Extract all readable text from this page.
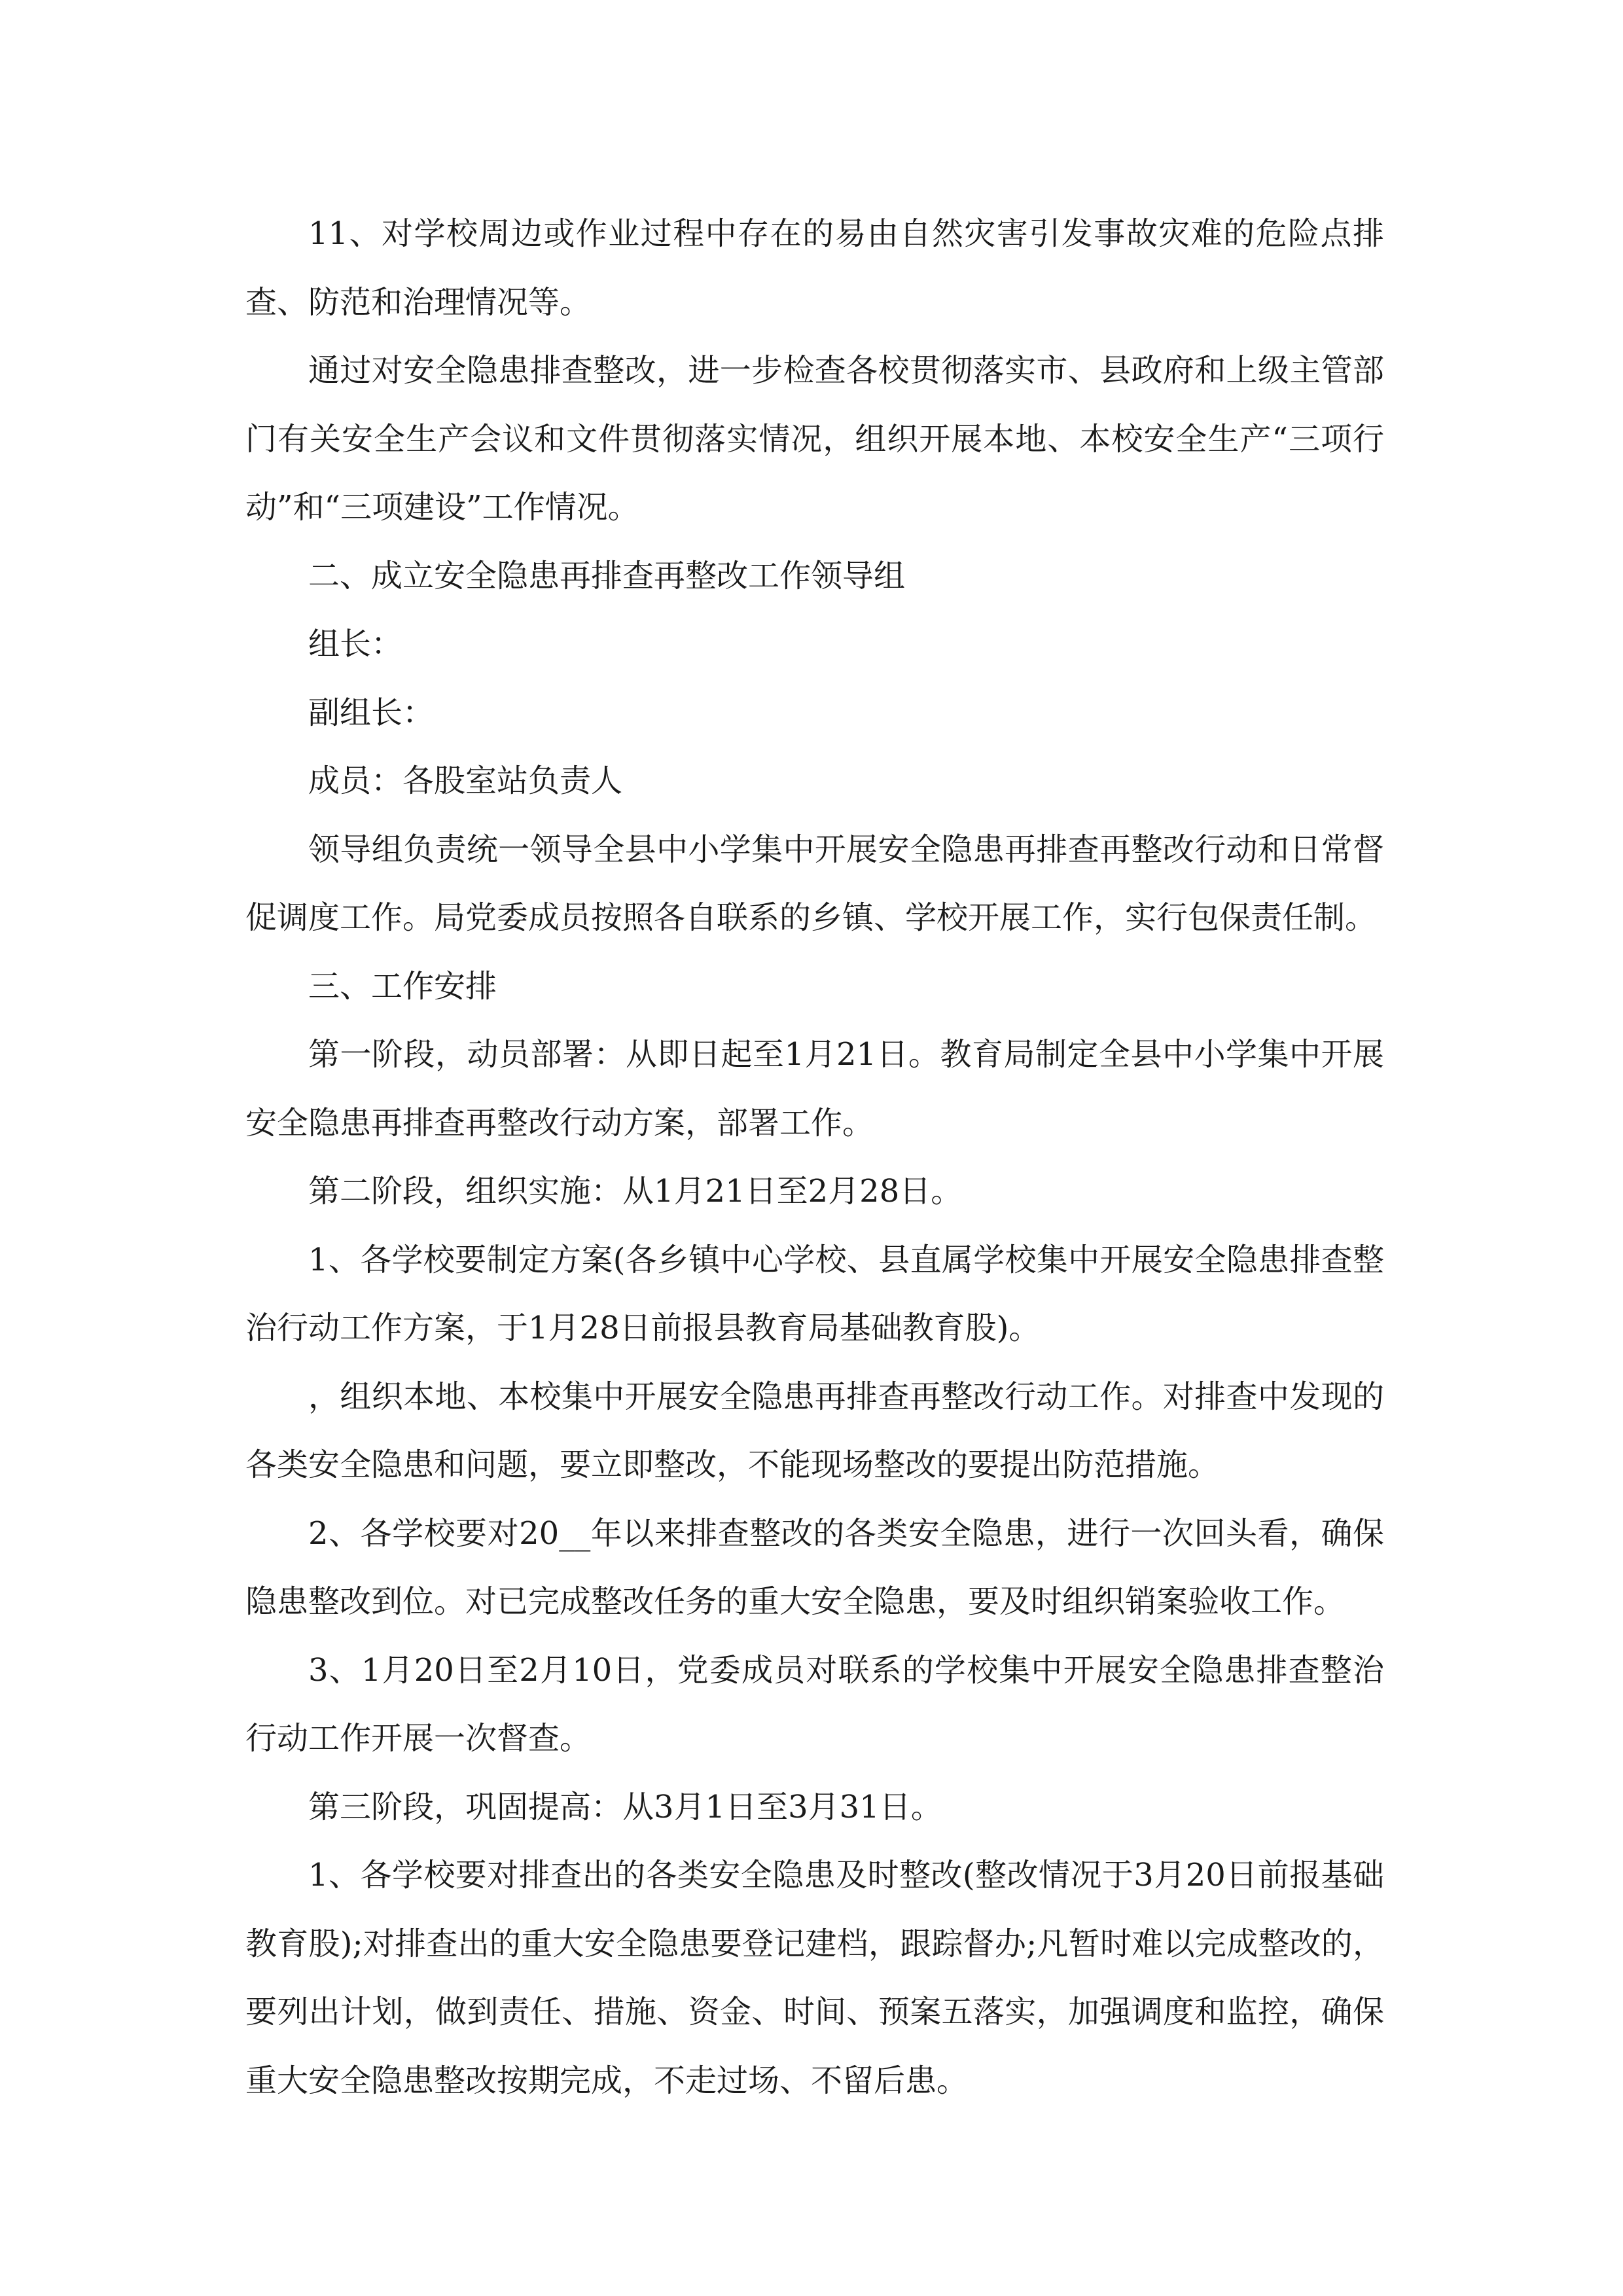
11、对学校周边或作业过程中存在的易由自然灾害引发事故灾难的危险点排查、防范和治理情况等。

通过对安全隐患排查整改，进一步检查各校贯彻落实市、县政府和上级主管部门有关安全生产会议和文件贯彻落实情况，组织开展本地、本校安全生产“三项行动”和“三项建设”工作情况。

二、成立安全隐患再排查再整改工作领导组

组长：

副组长：

成员：各股室站负责人

领导组负责统一领导全县中小学集中开展安全隐患再排查再整改行动和日常督促调度工作。局党委成员按照各自联系的乡镇、学校开展工作，实行包保责任制。

三、工作安排

第一阶段，动员部署：从即日起至1月21日。教育局制定全县中小学集中开展安全隐患再排查再整改行动方案，部署工作。

第二阶段，组织实施：从1月21日至2月28日。

1、各学校要制定方案(各乡镇中心学校、县直属学校集中开展安全隐患排查整治行动工作方案，于1月28日前报县教育局基础教育股)。

，组织本地、本校集中开展安全隐患再排查再整改行动工作。对排查中发现的各类安全隐患和问题，要立即整改，不能现场整改的要提出防范措施。

2、各学校要对20__年以来排查整改的各类安全隐患，进行一次回头看，确保隐患整改到位。对已完成整改任务的重大安全隐患，要及时组织销案验收工作。

3、1月20日至2月10日，党委成员对联系的学校集中开展安全隐患排查整治行动工作开展一次督查。

第三阶段，巩固提高：从3月1日至3月31日。

1、各学校要对排查出的各类安全隐患及时整改(整改情况于3月20日前报基础教育股);对排查出的重大安全隐患要登记建档，跟踪督办;凡暂时难以完成整改的，要列出计划，做到责任、措施、资金、时间、预案五落实，加强调度和监控，确保重大安全隐患整改按期完成，不走过场、不留后患。
